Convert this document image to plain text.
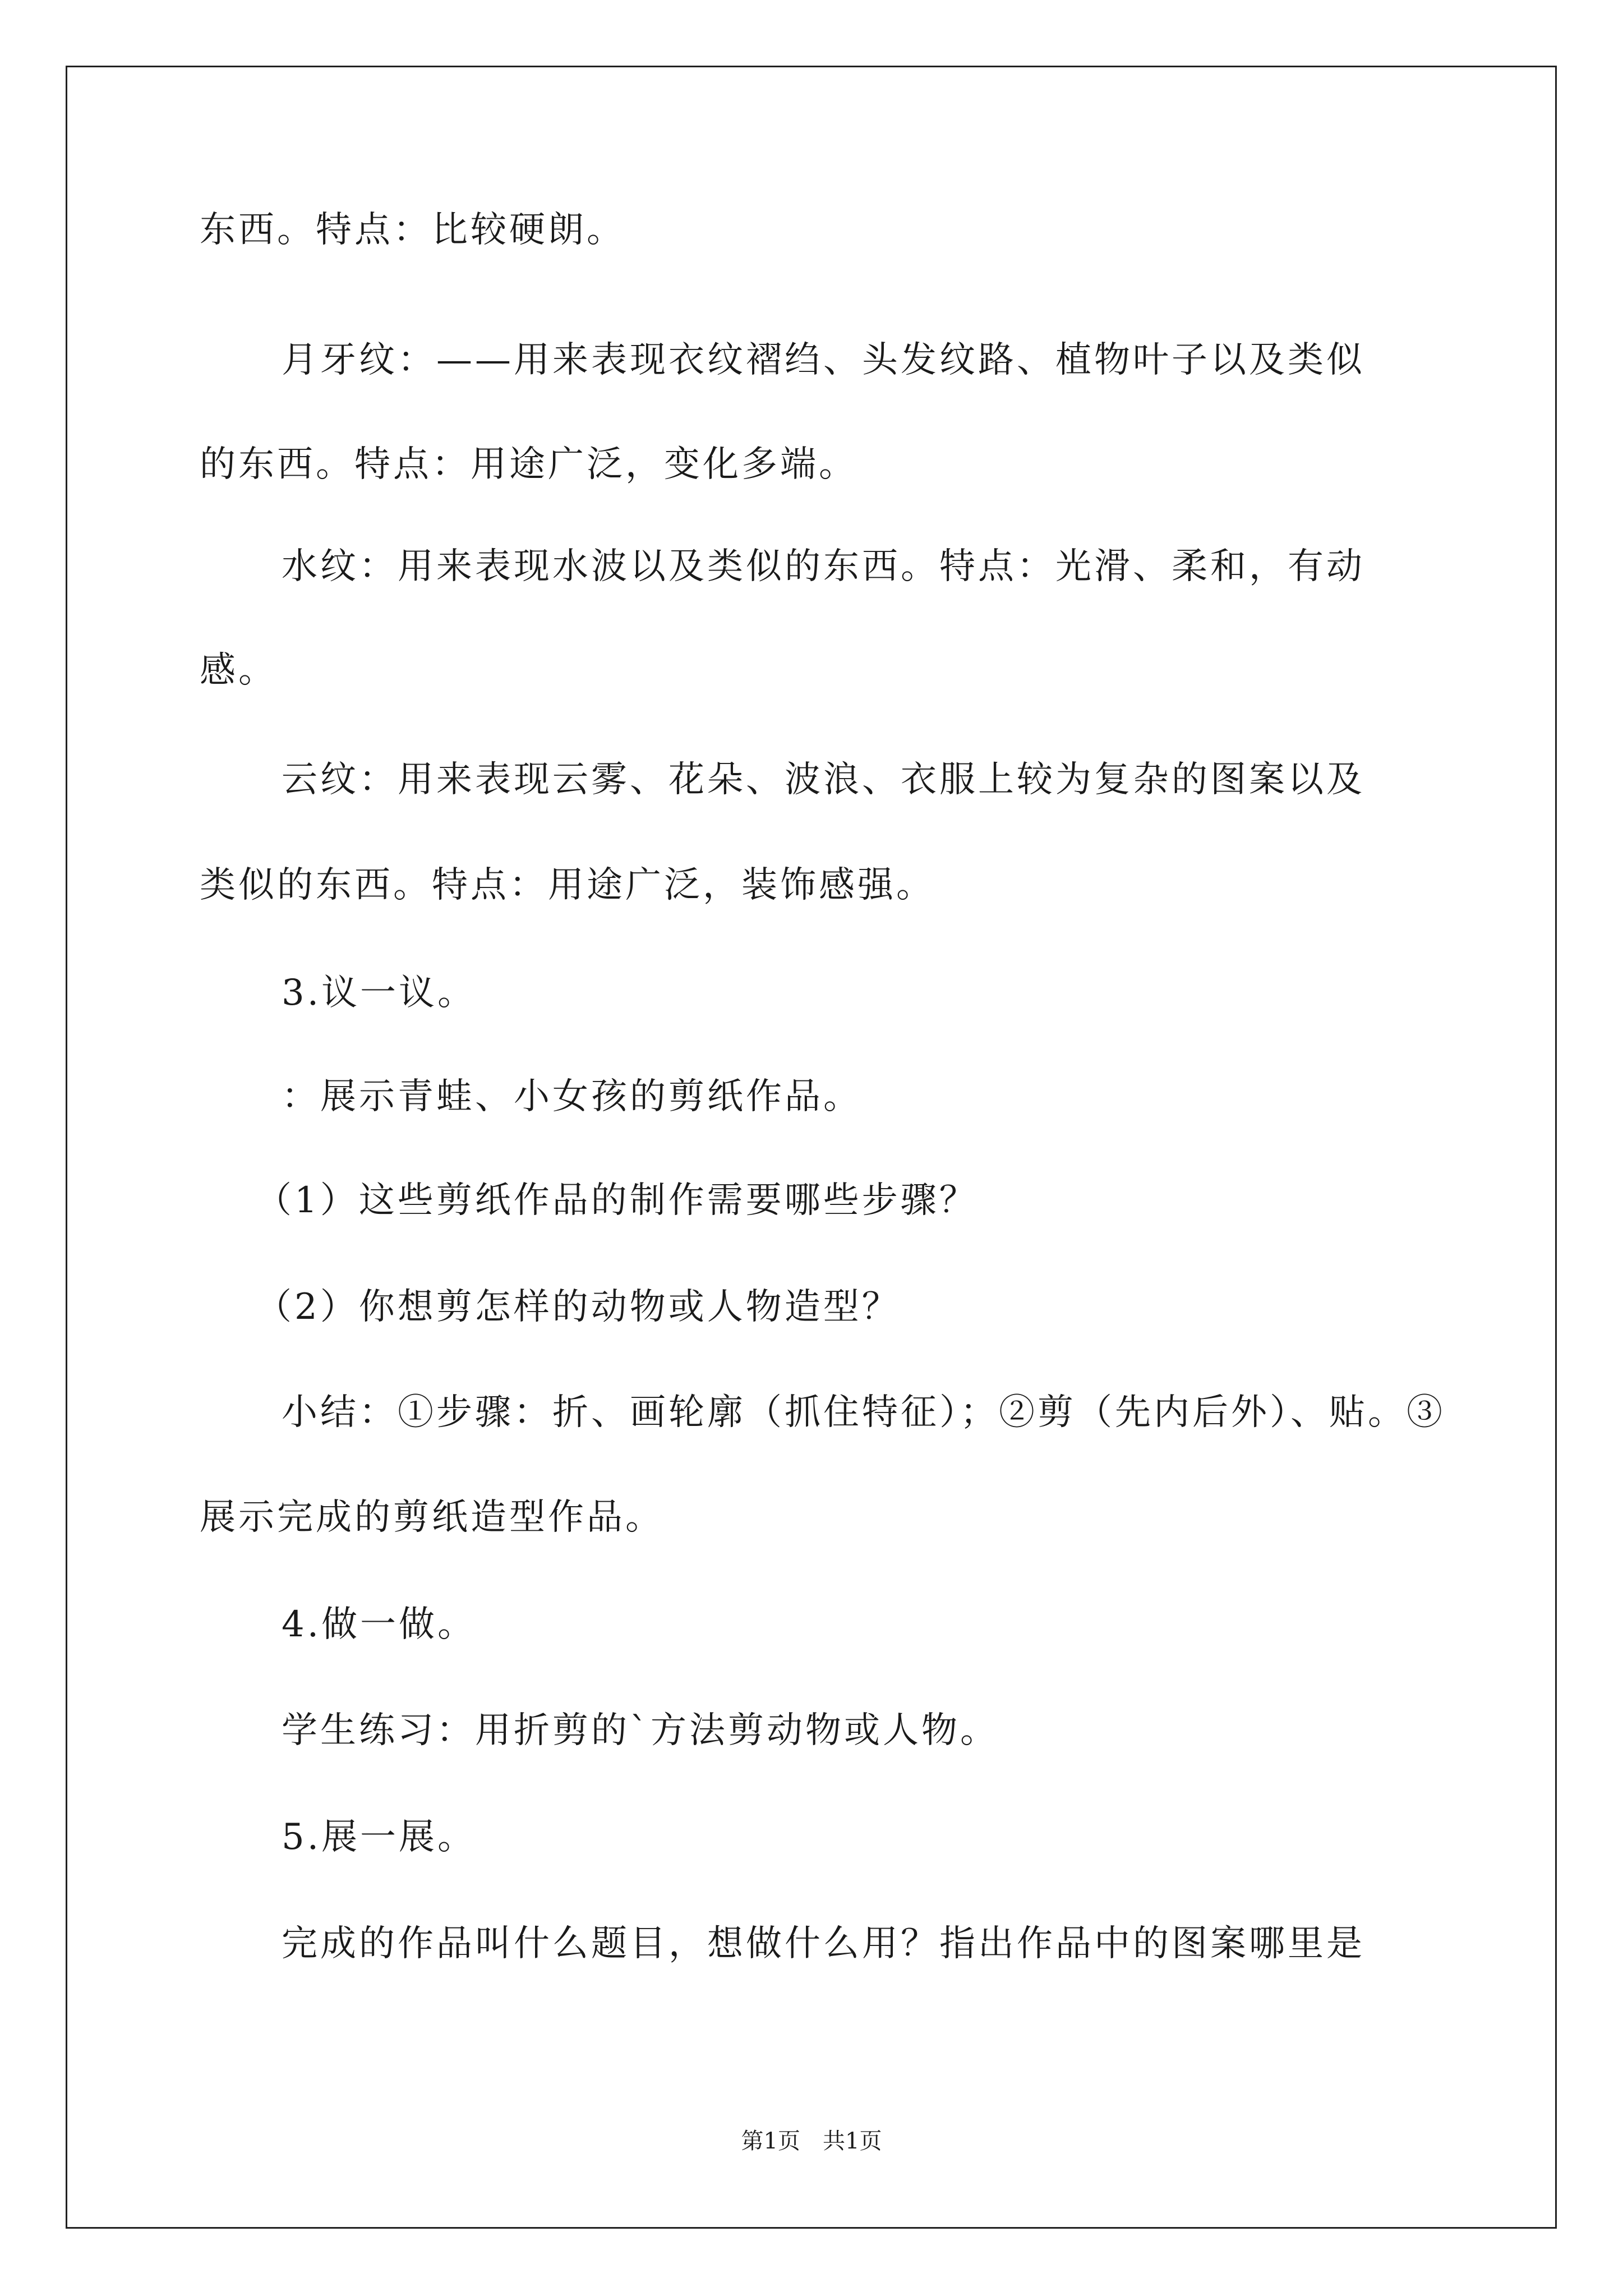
东西。特点：比较硬朗。
月牙纹：——用来表现衣纹褶绉、头发纹路、植物叶子以及类似
的东西。特点：用途广泛，变化多端。
水纹：用来表现水波以及类似的东西。特点：光滑、柔和，有动
感。
云纹：用来表现云雾、花朵、波浪、衣服上较为复杂的图案以及
类似的东西。特点：用途广泛，装饰感强。
3.议一议。
：展示青蛙、小女孩的剪纸作品。
（1）这些剪纸作品的制作需要哪些步骤？
（2）你想剪怎样的动物或人物造型？
小结：①步骤：折、画轮廓（抓住特征）；②剪（先内后外）、贴。③
展示完成的剪纸造型作品。
4.做一做。
学生练习：用折剪的`方法剪动物或人物。
5.展一展。
完成的作品叫什么题目，想做什么用？指出作品中的图案哪里是
第1页 共1页
